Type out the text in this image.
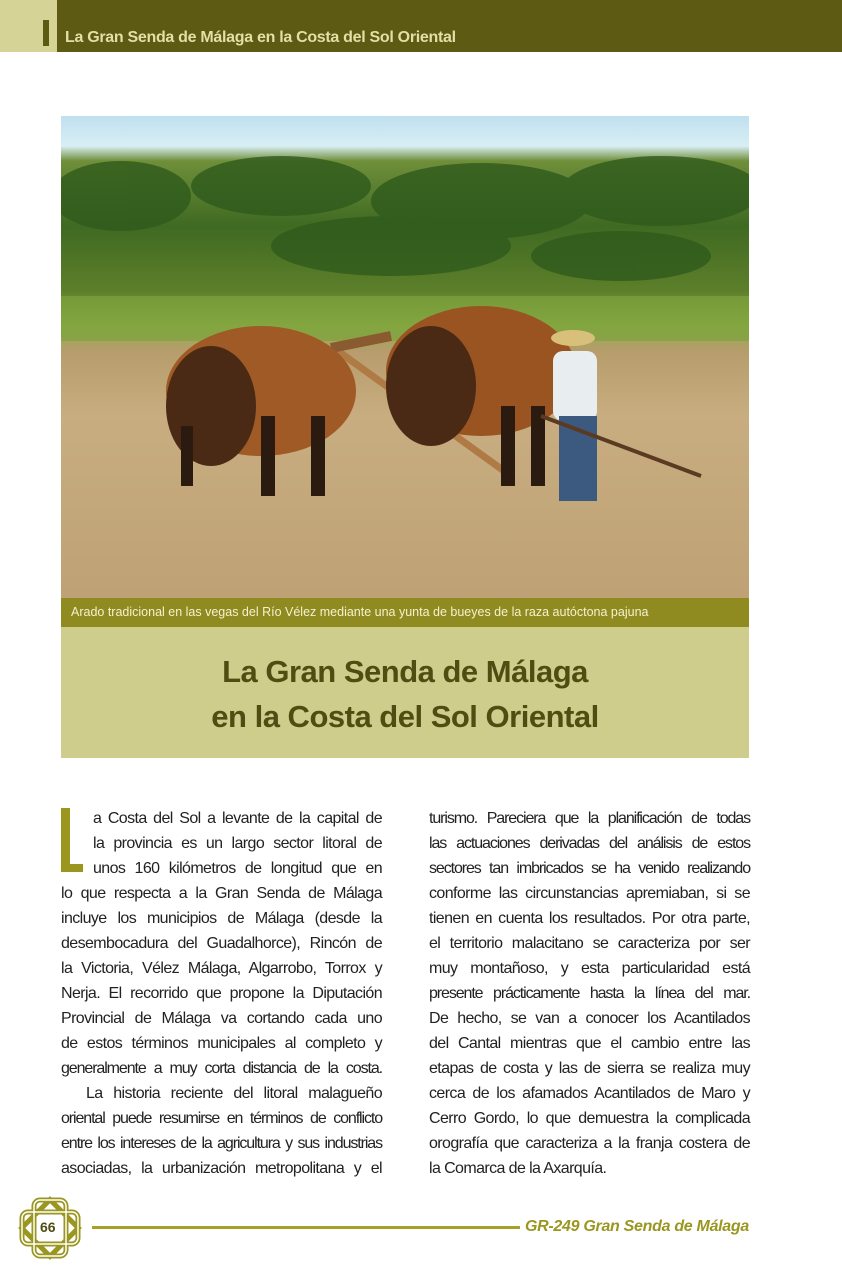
La Gran Senda de Málaga en la Costa del Sol Oriental
Arado tradicional en las vegas del Río Vélez mediante una yunta de bueyes de la raza autóctona pajuna
La Gran Senda de Málaga
en la Costa del Sol Oriental
a Costa del Sol a levante de la capital de
la provincia es un largo sector litoral de
unos 160 kilómetros de longitud que en
lo que respecta a la Gran Senda de Málaga
incluye los municipios de Málaga (desde la
desembocadura del Guadalhorce), Rincón de
la Victoria, Vélez Málaga, Algarrobo, Torrox y
Nerja. El recorrido que propone la Diputación
Provincial de Málaga va cortando cada uno
de estos términos municipales al completo y
generalmente a muy corta distancia de la costa.
La historia reciente del litoral malagueño
oriental puede resumirse en términos de conflicto
entre los intereses de la agricultura y sus industrias
asociadas, la urbanización metropolitana y el
turismo. Pareciera que la planificación de todas
las actuaciones derivadas del análisis de estos
sectores tan imbricados se ha venido realizando
conforme las circunstancias apremiaban, si se
tienen en cuenta los resultados. Por otra parte,
el territorio malacitano se caracteriza por ser
muy montañoso, y esta particularidad está
presente prácticamente hasta la línea del mar.
De hecho, se van a conocer los Acantilados
del Cantal mientras que el cambio entre las
etapas de costa y las de sierra se realiza muy
cerca de los afamados Acantilados de Maro y
Cerro Gordo, lo que demuestra la complicada
orografía que caracteriza a la franja costera de
la Comarca de la Axarquía.
66	GR-249 Gran Senda de Málaga
